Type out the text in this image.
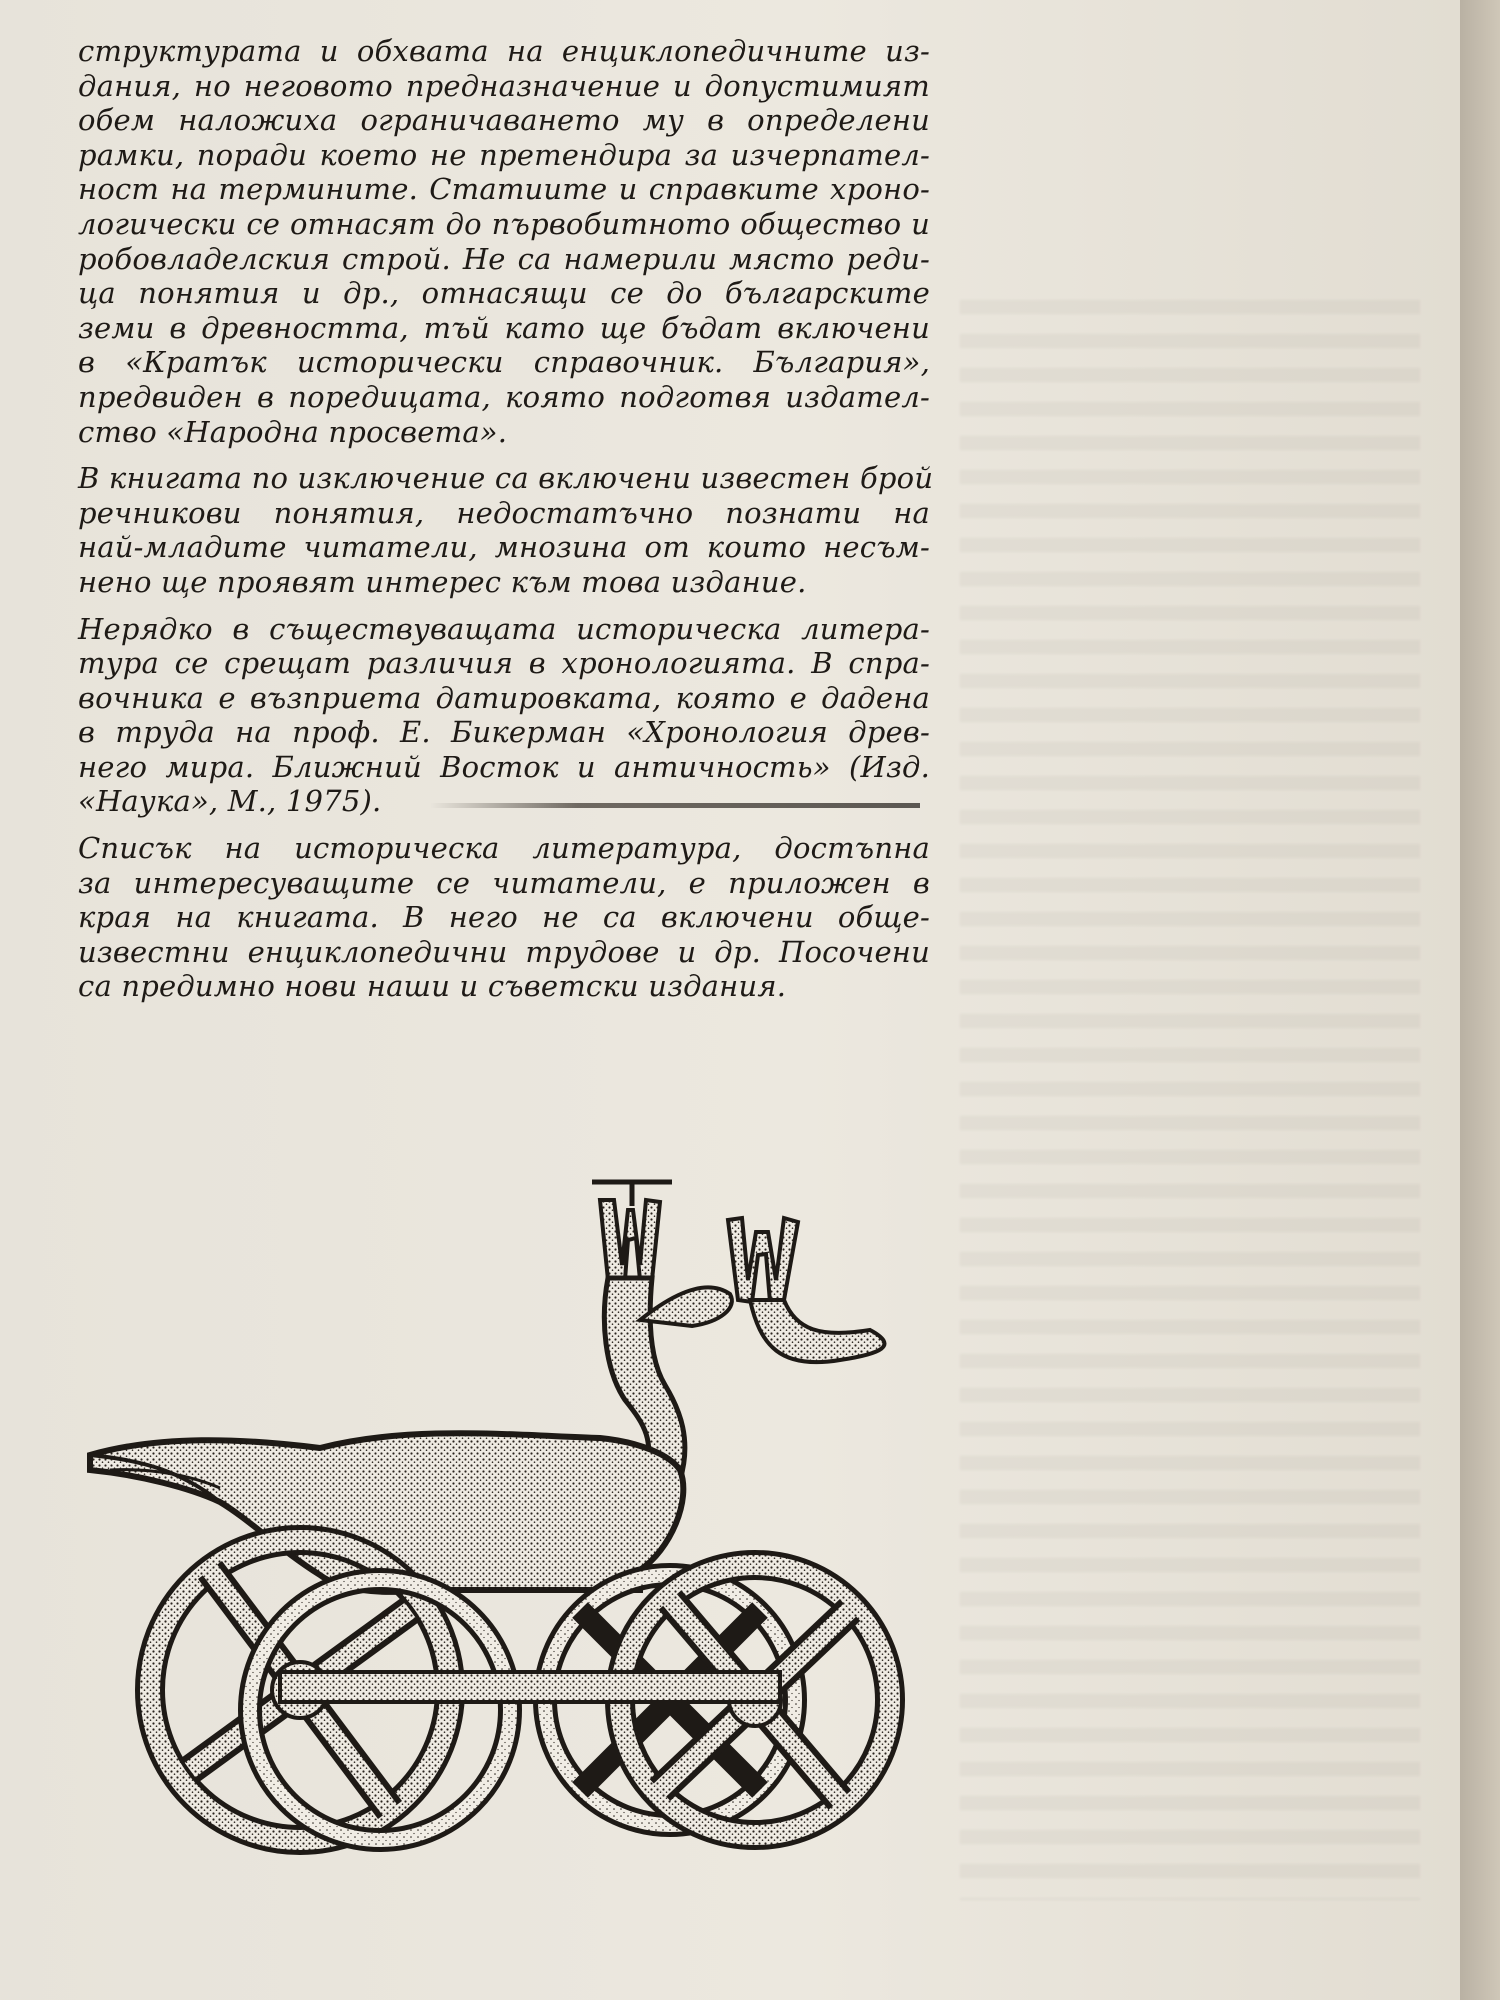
структурата и обхвата на енциклопедичните из-
дания, но неговото предназначение и допустимият
обем наложиха ограничаването му в определени
рамки, поради което не претендира за изчерпател-
ност на термините. Статиите и справките хроно-
логически се отнасят до първобитното общество и
робовладелския строй. Не са намерили място реди-
ца понятия и др., отнасящи се до българските
земи в древността, тъй като ще бъдат включени
в «Кратък исторически справочник. България»,
предвиден в поредицата, която подготвя издател-
ство «Народна просвета».

В книгата по изключение са включени известен брой
речникови понятия, недостатъчно познати на
най-младите читатели, мнозина от които несъм-
нено ще проявят интерес към това издание.

Нерядко в съществуващата историческа литера-
тура се срещат различия в хронологията. В спра-
вочника е възприета датировката, която е дадена
в труда на проф. Е. Бикерман «Хронология древ-
него мира. Ближний Восток и античность» (Изд.
«Наука», М., 1975).

Списък на историческа литература, достъпна
за интересуващите се читатели, е приложен в
края на книгата. В него не са включени обще-
известни енциклопедични трудове и др. Посочени
са предимно нови наши и съветски издания.
